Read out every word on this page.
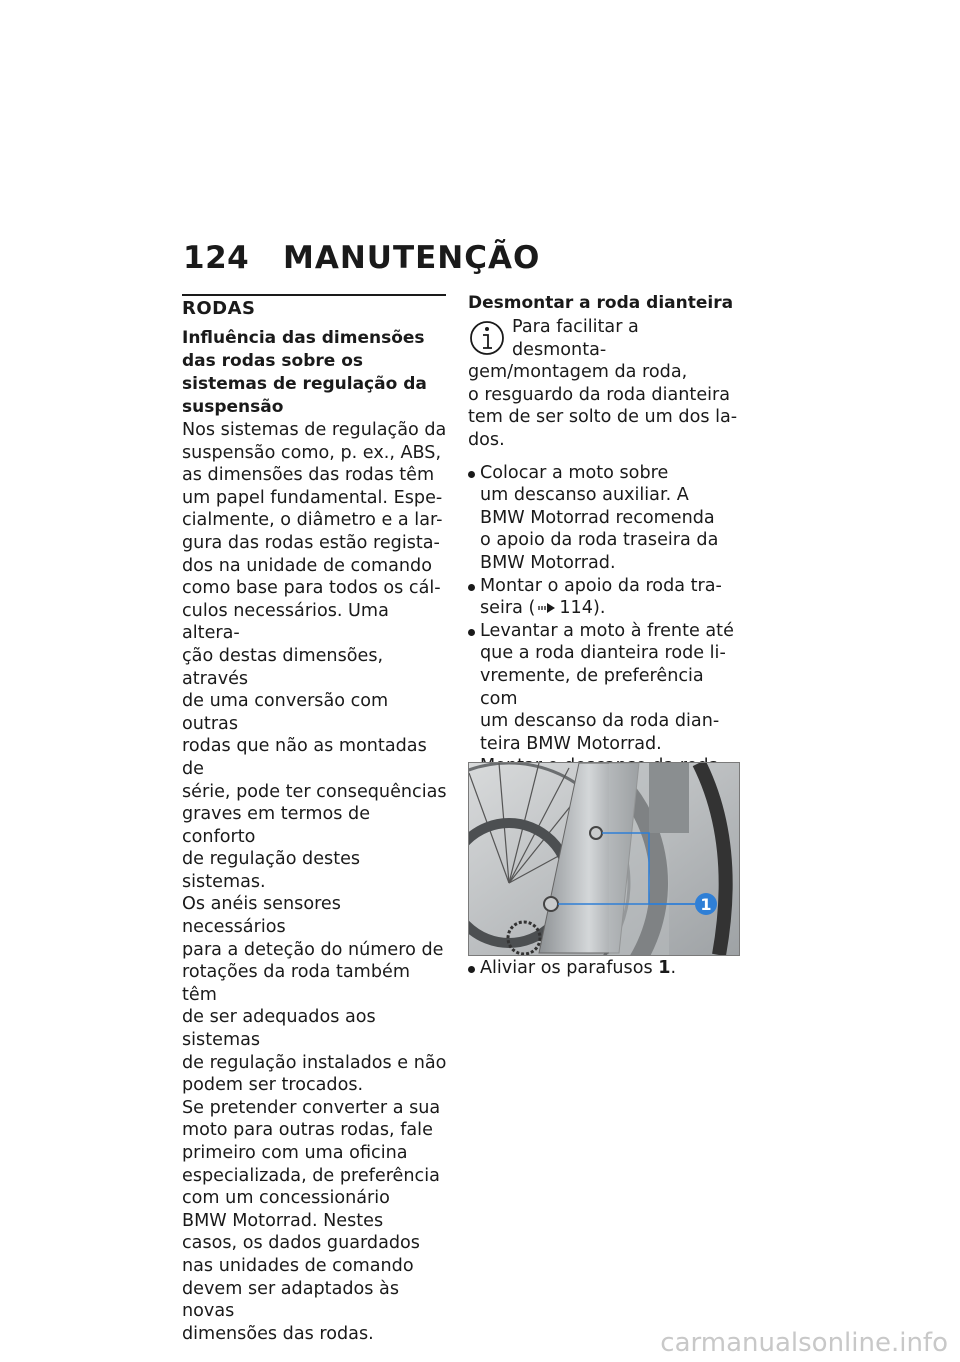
124	MANUTENÇÃO
RODAS
Influência das dimensões das rodas sobre os sistemas de regulação da suspensão

Nos sistemas de regulação da
suspensão como, p. ex., ABS,
as dimensões das rodas têm
um papel fundamental. Espe-
cialmente, o diâmetro e a lar-
gura das rodas estão regista-
dos na unidade de comando
como base para todos os cál-
culos necessários. Uma altera-
ção destas dimensões, através
de uma conversão com outras
rodas que não as montadas de
série, pode ter consequências
graves em termos de conforto
de regulação destes sistemas.

Os anéis sensores necessários
para a deteção do número de
rotações da roda também têm
de ser adequados aos sistemas
de regulação instalados e não
podem ser trocados.

Se pretender converter a sua
moto para outras rodas, fale
primeiro com uma oficina
especializada, de preferência
com um concessionário
BMW Motorrad. Nestes
casos, os dados guardados
nas unidades de comando
devem ser adaptados às novas
dimensões das rodas.

Desmontar a roda dianteira

Para facilitar a desmonta-
gem/montagem da roda,
o resguardo da roda dianteira
tem de ser solto de um dos la-
dos.

Colocar a moto sobre
um descanso auxiliar. A
BMW Motorrad recomenda
o apoio da roda traseira da
BMW Motorrad.
Montar o apoio da roda tra-
seira ( 114).
Levantar a moto à frente até
que a roda dianteira rode li-
vremente, de preferência com
um descanso da roda dian-
teira BMW Motorrad.
1
Aliviar os parafusos 1.
carmanualsonline.info
